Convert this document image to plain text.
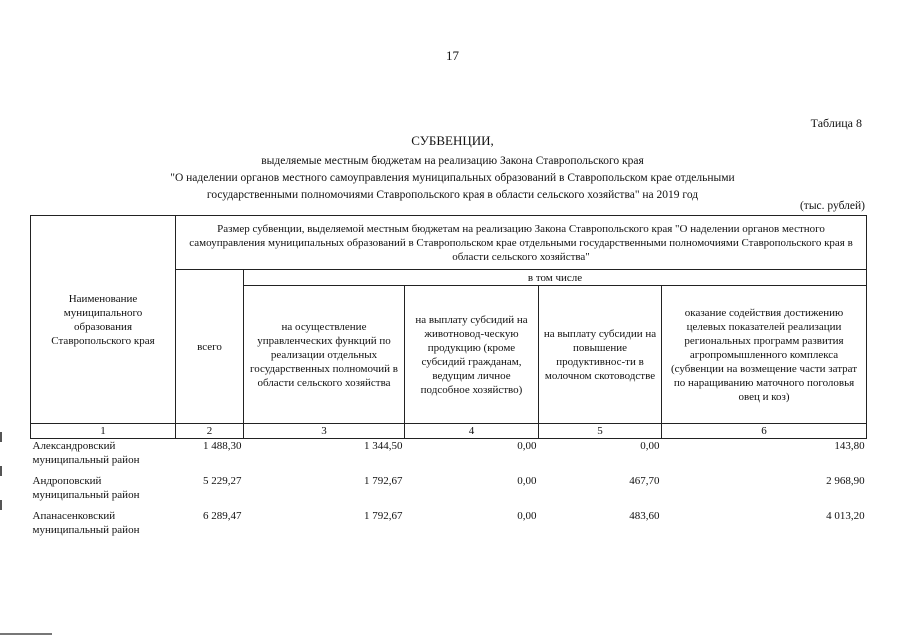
17
Таблица 8
СУБВЕНЦИИ,
выделяемые местным бюджетам на реализацию Закона Ставропольского края
"О наделении органов местного самоуправления муниципальных образований в Ставропольском крае отдельными
государственными полномочиями Ставропольского края в области сельского хозяйства" на 2019 год
(тыс. рублей)
Наименование муниципального образования Ставропольского края	Размер субвенции, выделяемой местным бюджетам на реализацию Закона Ставропольского края "О наделении органов местного самоуправления муниципальных образований в Ставропольском крае отдельными государственными полномочиями Ставропольского края в области сельского хозяйства"				
	всего	в том числе			
		на осуществление управленческих функций по реализации отдельных государственных полномочий в области сельского хозяйства	на выплату субсидий на животновод-ческую продукцию (кроме субсидий гражданам, ведущим личное подсобное хозяйство)	на выплату субсидии на повышение продуктивнос-ти в молочном скотоводстве	оказание содействия достижению целевых показателей реализации региональных программ развития агропромышленного комплекса (субвенции на возмещение части затрат по наращиванию маточного поголовья овец и коз)
1	2	3	4	5	6
Александровский муниципальный район	1 488,30	1 344,50	0,00	0,00	143,80
Андроповский муниципальный район	5 229,27	1 792,67	0,00	467,70	2 968,90
Апанасенковский муниципальный район	6 289,47	1 792,67	0,00	483,60	4 013,20
